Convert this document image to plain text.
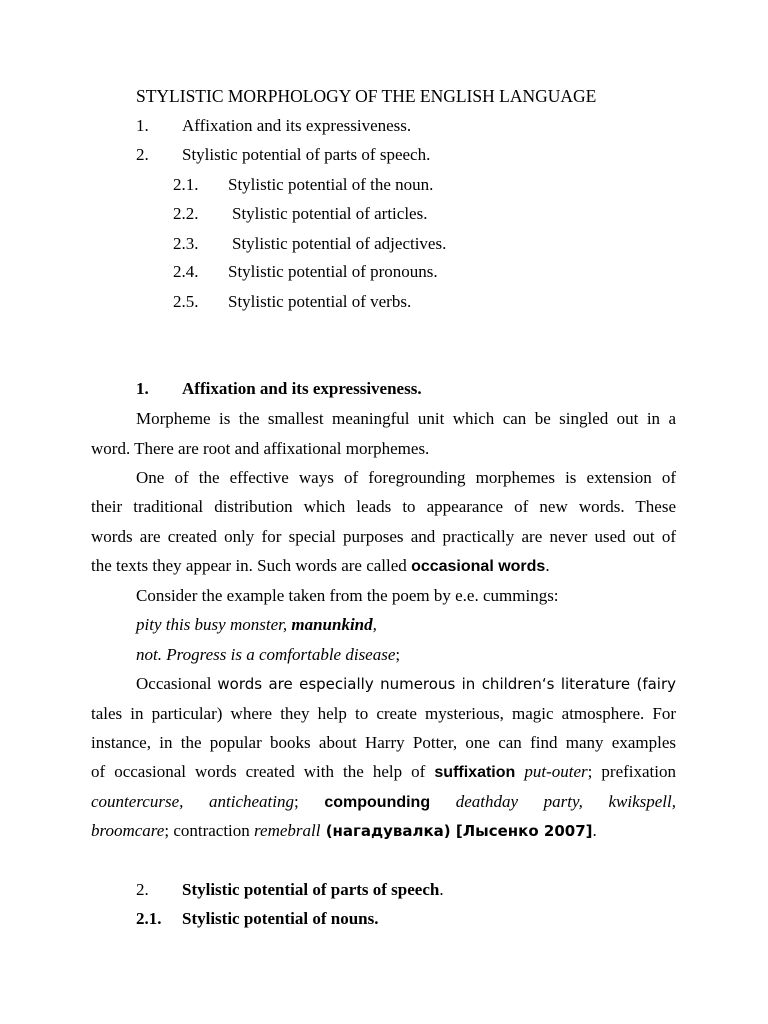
STYLISTIC MORPHOLOGY OF THE ENGLISH LANGUAGE
1. Affixation and its expressiveness.
2. Stylistic potential of parts of speech.
2.1. Stylistic potential of the noun.
2.2. Stylistic potential of articles.
2.3. Stylistic potential of adjectives.
2.4. Stylistic potential of pronouns.
2.5. Stylistic potential of verbs.
1. Affixation and its expressiveness.
Morpheme is the smallest meaningful unit which can be singled out in a
word. There are root and affixational morphemes.
One of the effective ways of foregrounding morphemes is extension of
their traditional distribution which leads to appearance of new words. These
words are created only for special purposes and practically are never used out of
the texts they appear in. Such words are called occasional words.
Consider the example taken from the poem by e.e. cummings:
pity this busy monster, manunkind,
not. Progress is a comfortable disease;
Occasional words are especially numerous in children‘s literature (fairy
tales in particular) where they help to create mysterious, magic atmosphere. For
instance, in the popular books about Harry Potter, one can find many examples
of occasional words created with the help of suffixation put-outer; prefixation
countercurse, anticheating; compounding deathday party, kwikspell,
broomcare; contraction remebrall (нагадувалка) [Лысенко 2007].
2. Stylistic potential of parts of speech.
2.1. Stylistic potential of nouns.
